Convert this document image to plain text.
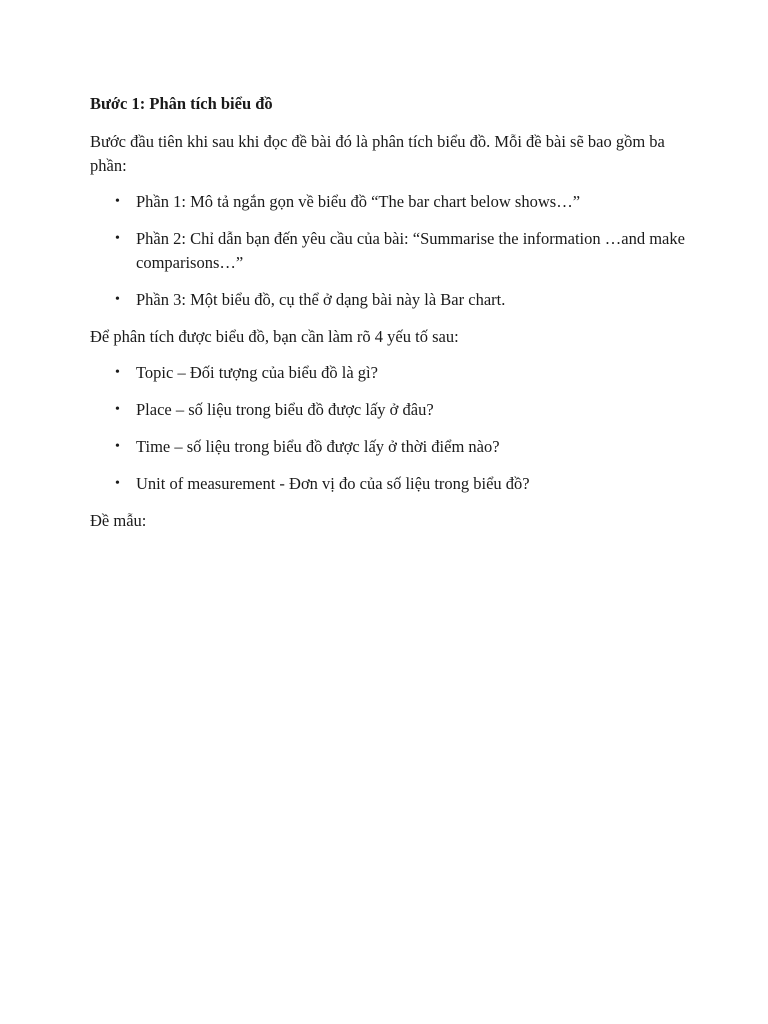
Bước 1: Phân tích biểu đồ

Bước đầu tiên khi sau khi đọc đề bài đó là phân tích biểu đồ. Mỗi đề bài sẽ bao gồm ba phần:

• Phần 1: Mô tả ngắn gọn về biểu đồ “The bar chart below shows…”
• Phần 2: Chỉ dẫn bạn đến yêu cầu của bài: “Summarise the information …and make comparisons…”
• Phần 3: Một biểu đồ, cụ thể ở dạng bài này là Bar chart.

Để phân tích được biểu đồ, bạn cần làm rõ 4 yếu tố sau:

• Topic – Đối tượng của biểu đồ là gì?
• Place – số liệu trong biểu đồ được lấy ở đâu?
• Time – số liệu trong biểu đồ được lấy ở thời điểm nào?
• Unit of measurement - Đơn vị đo của số liệu trong biểu đồ?

Đề mẫu:
